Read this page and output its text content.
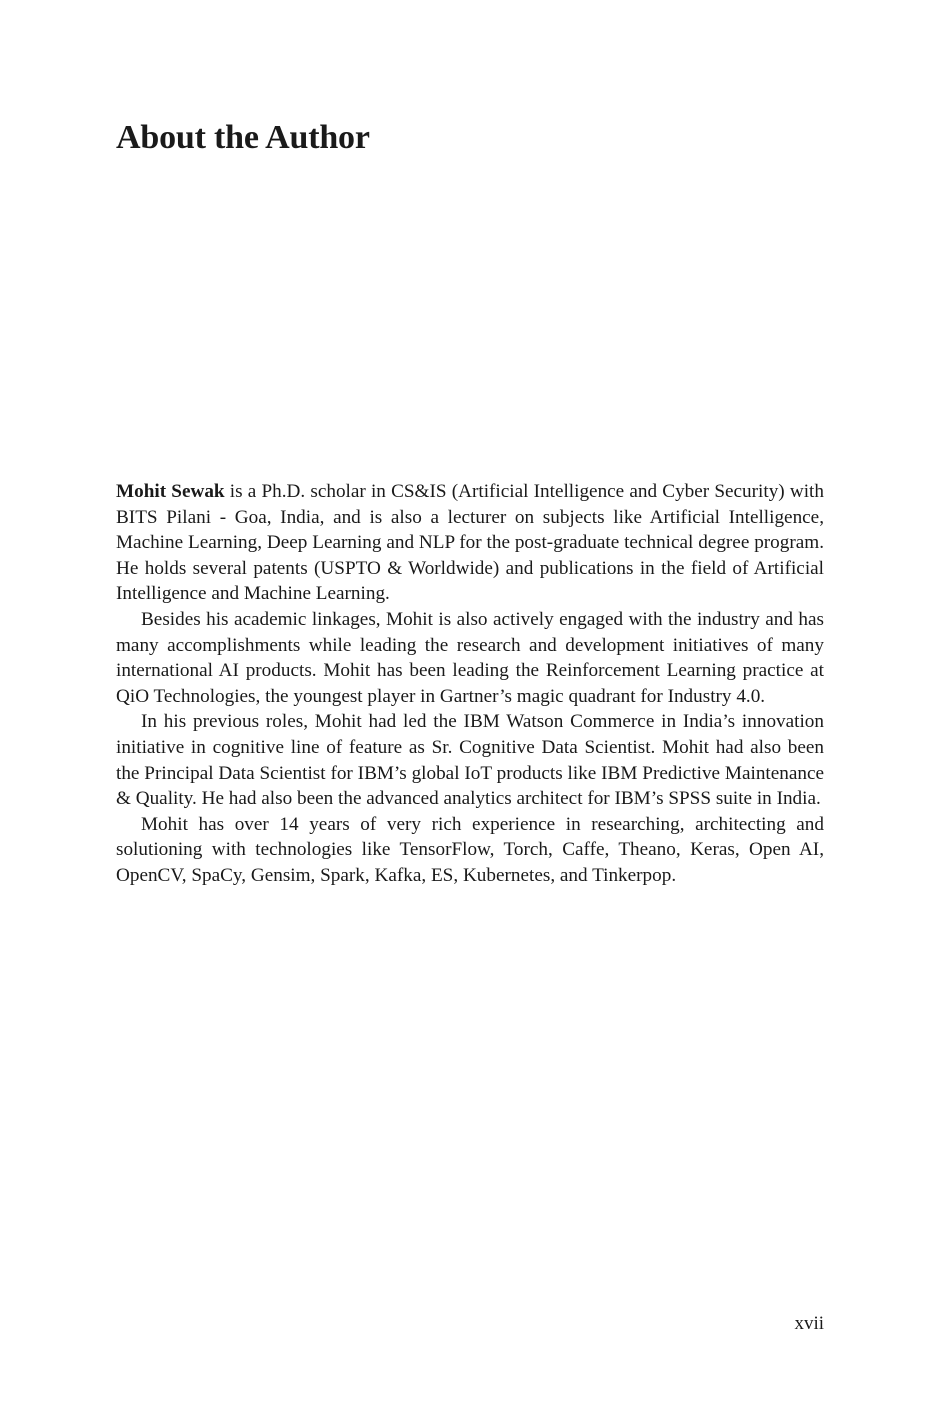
About the Author

Mohit Sewak is a Ph.D. scholar in CS&IS (Artificial Intelligence and Cyber Security) with BITS Pilani - Goa, India, and is also a lecturer on subjects like Artificial Intelligence, Machine Learning, Deep Learning and NLP for the post-graduate technical degree program. He holds several patents (USPTO & Worldwide) and publications in the field of Artificial Intelligence and Machine Learning.

Besides his academic linkages, Mohit is also actively engaged with the industry and has many accomplishments while leading the research and development initiatives of many international AI products. Mohit has been leading the Reinforcement Learning practice at QiO Technologies, the youngest player in Gartner’s magic quadrant for Industry 4.0.

In his previous roles, Mohit had led the IBM Watson Commerce in India’s innovation initiative in cognitive line of feature as Sr. Cognitive Data Scientist. Mohit had also been the Principal Data Scientist for IBM’s global IoT products like IBM Predictive Maintenance & Quality. He had also been the advanced analytics architect for IBM’s SPSS suite in India.

Mohit has over 14 years of very rich experience in researching, architecting and solutioning with technologies like TensorFlow, Torch, Caffe, Theano, Keras, Open AI, OpenCV, SpaCy, Gensim, Spark, Kafka, ES, Kubernetes, and Tinkerpop.

xvii
